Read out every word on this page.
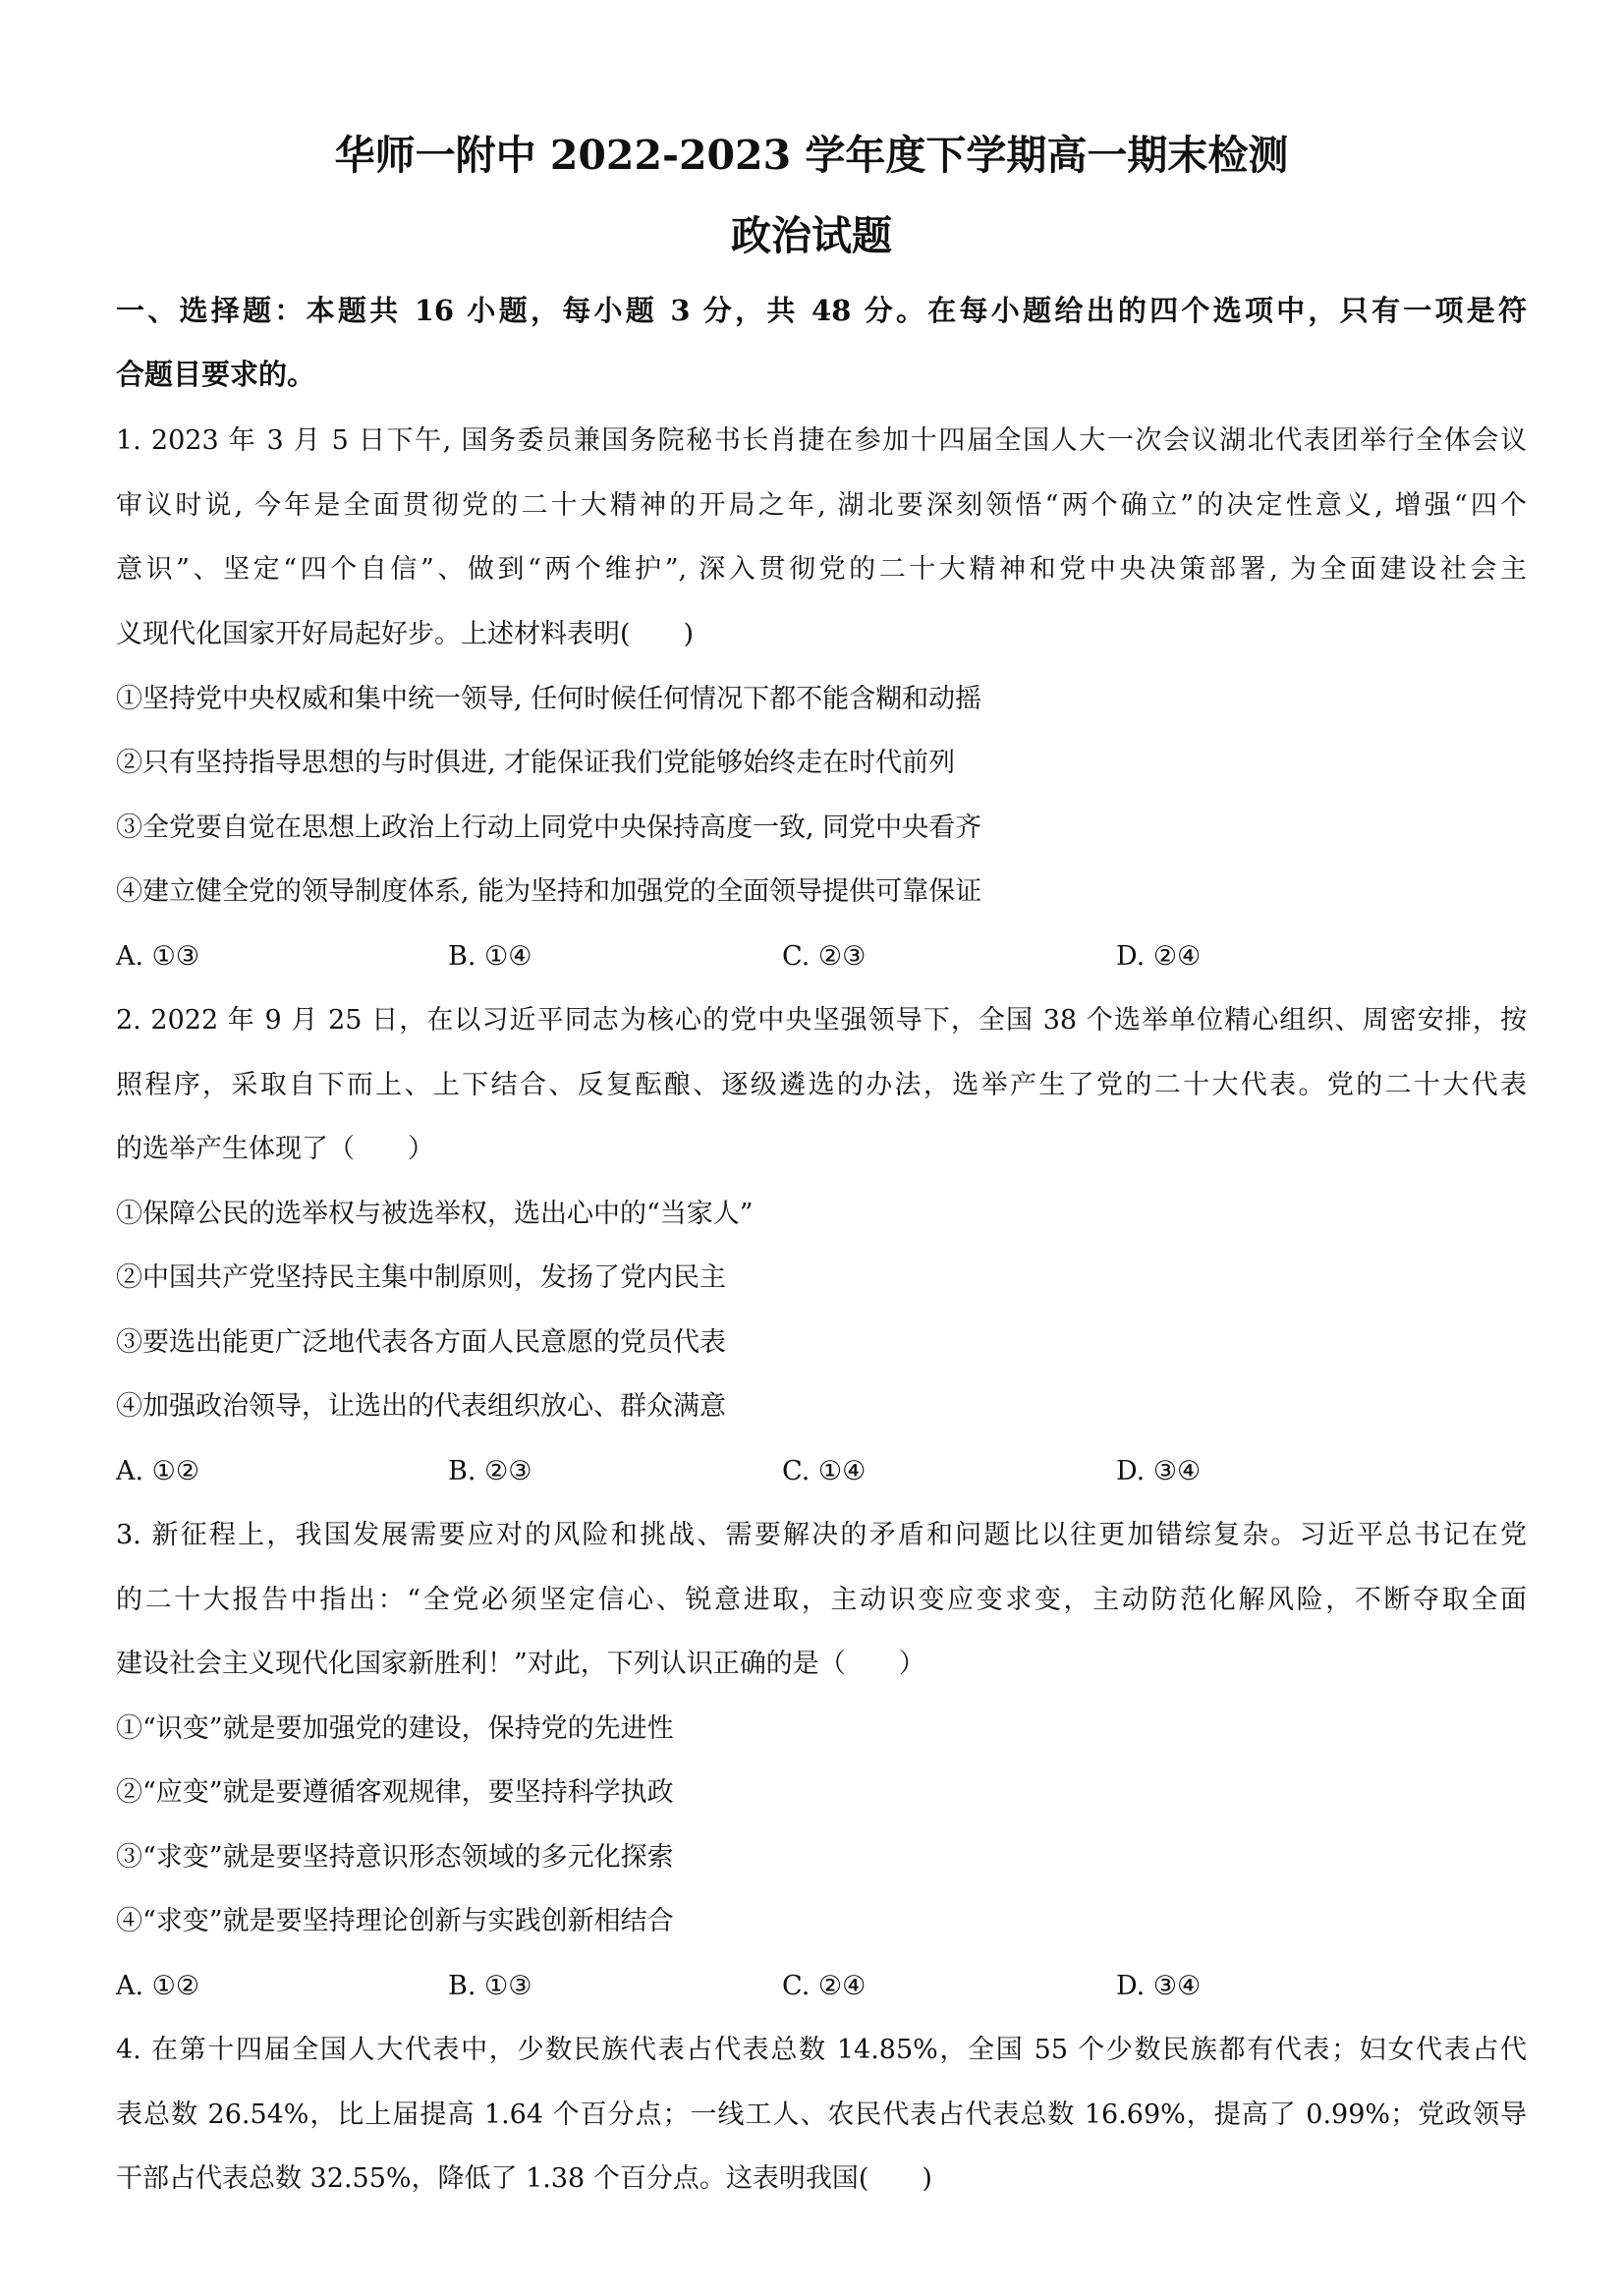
华师一附中 2022-2023 学年度下学期高一期末检测
政治试题
一、选择题：本题共 16 小题，每小题 3 分，共 48 分。在每小题给出的四个选项中，只有一项是符
合题目要求的。
1. 2023 年 3 月 5 日下午, 国务委员兼国务院秘书长肖捷在参加十四届全国人大一次会议湖北代表团举行全体会议
审议时说, 今年是全面贯彻党的二十大精神的开局之年, 湖北要深刻领悟“两个确立”的决定性意义, 增强“四个
意识”、坚定“四个自信”、做到“两个维护”, 深入贯彻党的二十大精神和党中央决策部署, 为全面建设社会主
义现代化国家开好局起好步。上述材料表明(　　)
①坚持党中央权威和集中统一领导, 任何时候任何情况下都不能含糊和动摇
②只有坚持指导思想的与时俱进, 才能保证我们党能够始终走在时代前列
③全党要自觉在思想上政治上行动上同党中央保持高度一致, 同党中央看齐
④建立健全党的领导制度体系, 能为坚持和加强党的全面领导提供可靠保证
A. ①③	B. ①④	C. ②③	D. ②④
2. 2022 年 9 月 25 日，在以习近平同志为核心的党中央坚强领导下，全国 38 个选举单位精心组织、周密安排，按
照程序，采取自下而上、上下结合、反复酝酿、逐级遴选的办法，选举产生了党的二十大代表。党的二十大代表
的选举产生体现了（　　）
①保障公民的选举权与被选举权，选出心中的“当家人”
②中国共产党坚持民主集中制原则，发扬了党内民主
③要选出能更广泛地代表各方面人民意愿的党员代表
④加强政治领导，让选出的代表组织放心、群众满意
A. ①②	B. ②③	C. ①④	D. ③④
3. 新征程上，我国发展需要应对的风险和挑战、需要解决的矛盾和问题比以往更加错综复杂。习近平总书记在党
的二十大报告中指出：“全党必须坚定信心、锐意进取，主动识变应变求变，主动防范化解风险，不断夺取全面
建设社会主义现代化国家新胜利！”对此，下列认识正确的是（　　）
①“识变”就是要加强党的建设，保持党的先进性
②“应变”就是要遵循客观规律，要坚持科学执政
③“求变”就是要坚持意识形态领域的多元化探索
④“求变”就是要坚持理论创新与实践创新相结合
A. ①②	B. ①③	C. ②④	D. ③④
4. 在第十四届全国人大代表中，少数民族代表占代表总数 14.85%，全国 55 个少数民族都有代表；妇女代表占代
表总数 26.54%，比上届提高 1.64 个百分点；一线工人、农民代表占代表总数 16.69%，提高了 0.99%；党政领导
干部占代表总数 32.55%，降低了 1.38 个百分点。这表明我国(　　)
